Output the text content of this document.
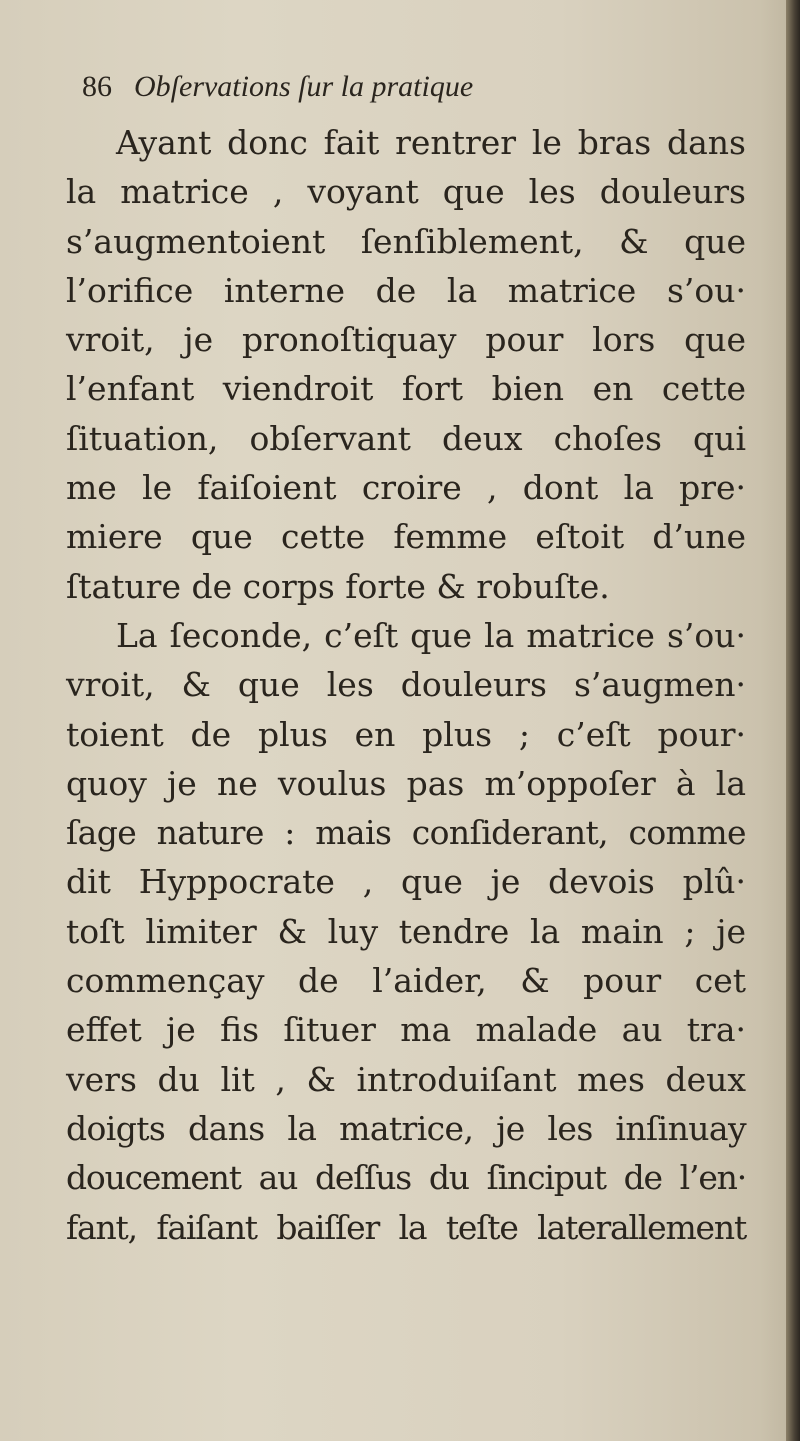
86 Obſervations ſur la pratique
Ayant donc fait rentrer le bras dans
la matrice , voyant que les douleurs
s’augmentoient ſenſiblement, & que
l’orifice interne de la matrice s’ou·
vroit, je pronoſtiquay pour lors que
l’enfant viendroit fort bien en cette
ſituation, obſervant deux choſes qui
me le faiſoient croire , dont la pre·
miere que cette femme eſtoit d’une
ſtature de corps forte & robuſte.
La ſeconde, c’eſt que la matrice s’ou·
vroit, & que les douleurs s’augmen·
toient de plus en plus ; c’eſt pour·
quoy je ne voulus pas m’oppoſer à la
ſage nature : mais conſiderant, comme
dit Hyppocrate , que je devois plû·
toſt limiter & luy tendre la main ; je
commençay de l’aider, & pour cet
effet je fis ſituer ma malade au tra·
vers du lit , & introduiſant mes deux
doigts dans la matrice, je les inſinuay
doucement au deſſus du ſinciput de l’en·
fant, faiſant baiſſer la teſte laterallement
